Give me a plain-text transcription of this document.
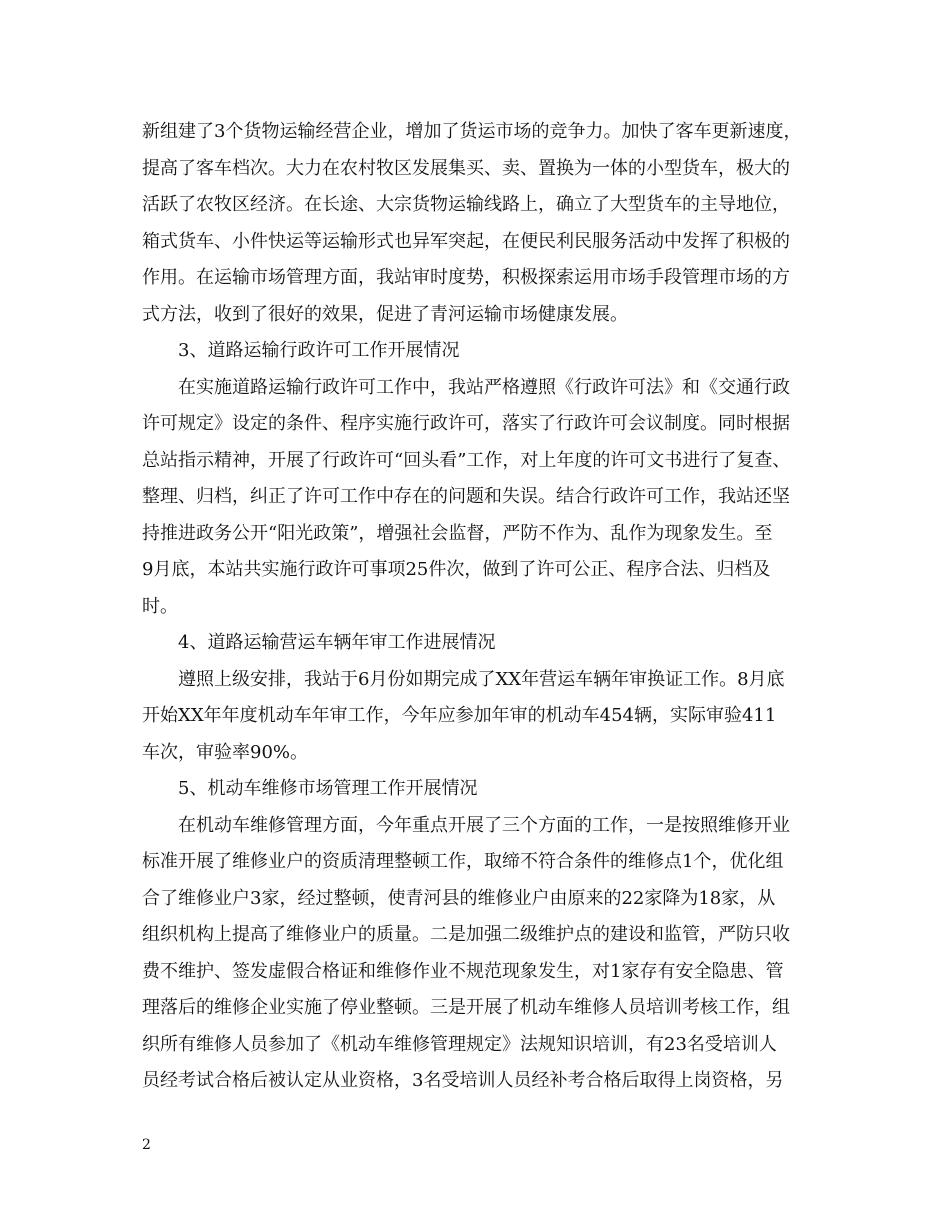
新组建了3个货物运输经营企业，增加了货运市场的竞争力。加快了客车更新速度，
提高了客车档次。大力在农村牧区发展集买、卖、置换为一体的小型货车，极大的
活跃了农牧区经济。在长途、大宗货物运输线路上，确立了大型货车的主导地位，
箱式货车、小件快运等运输形式也异军突起，在便民利民服务活动中发挥了积极的
作用。在运输市场管理方面，我站审时度势，积极探索运用市场手段管理市场的方
式方法，收到了很好的效果，促进了青河运输市场健康发展。
3、道路运输行政许可工作开展情况
在实施道路运输行政许可工作中，我站严格遵照《行政许可法》和《交通行政
许可规定》设定的条件、程序实施行政许可，落实了行政许可会议制度。同时根据
总站指示精神，开展了行政许可“回头看”工作，对上年度的许可文书进行了复查、
整理、归档，纠正了许可工作中存在的问题和失误。结合行政许可工作，我站还坚
持推进政务公开“阳光政策”，增强社会监督，严防不作为、乱作为现象发生。至
9月底，本站共实施行政许可事项25件次，做到了许可公正、程序合法、归档及
时。
4、道路运输营运车辆年审工作进展情况
遵照上级安排，我站于6月份如期完成了XX年营运车辆年审换证工作。8月底
开始XX年年度机动车年审工作，今年应参加年审的机动车454辆，实际审验411
车次，审验率90%。
5、机动车维修市场管理工作开展情况
在机动车维修管理方面，今年重点开展了三个方面的工作，一是按照维修开业
标准开展了维修业户的资质清理整顿工作，取缔不符合条件的维修点1个，优化组
合了维修业户3家，经过整顿，使青河县的维修业户由原来的22家降为18家，从
组织机构上提高了维修业户的质量。二是加强二级维护点的建设和监管，严防只收
费不维护、签发虚假合格证和维修作业不规范现象发生，对1家存有安全隐患、管
理落后的维修企业实施了停业整顿。三是开展了机动车维修人员培训考核工作，组
织所有维修人员参加了《机动车维修管理规定》法规知识培训，有23名受培训人
员经考试合格后被认定从业资格，3名受培训人员经补考合格后取得上岗资格，另
2
